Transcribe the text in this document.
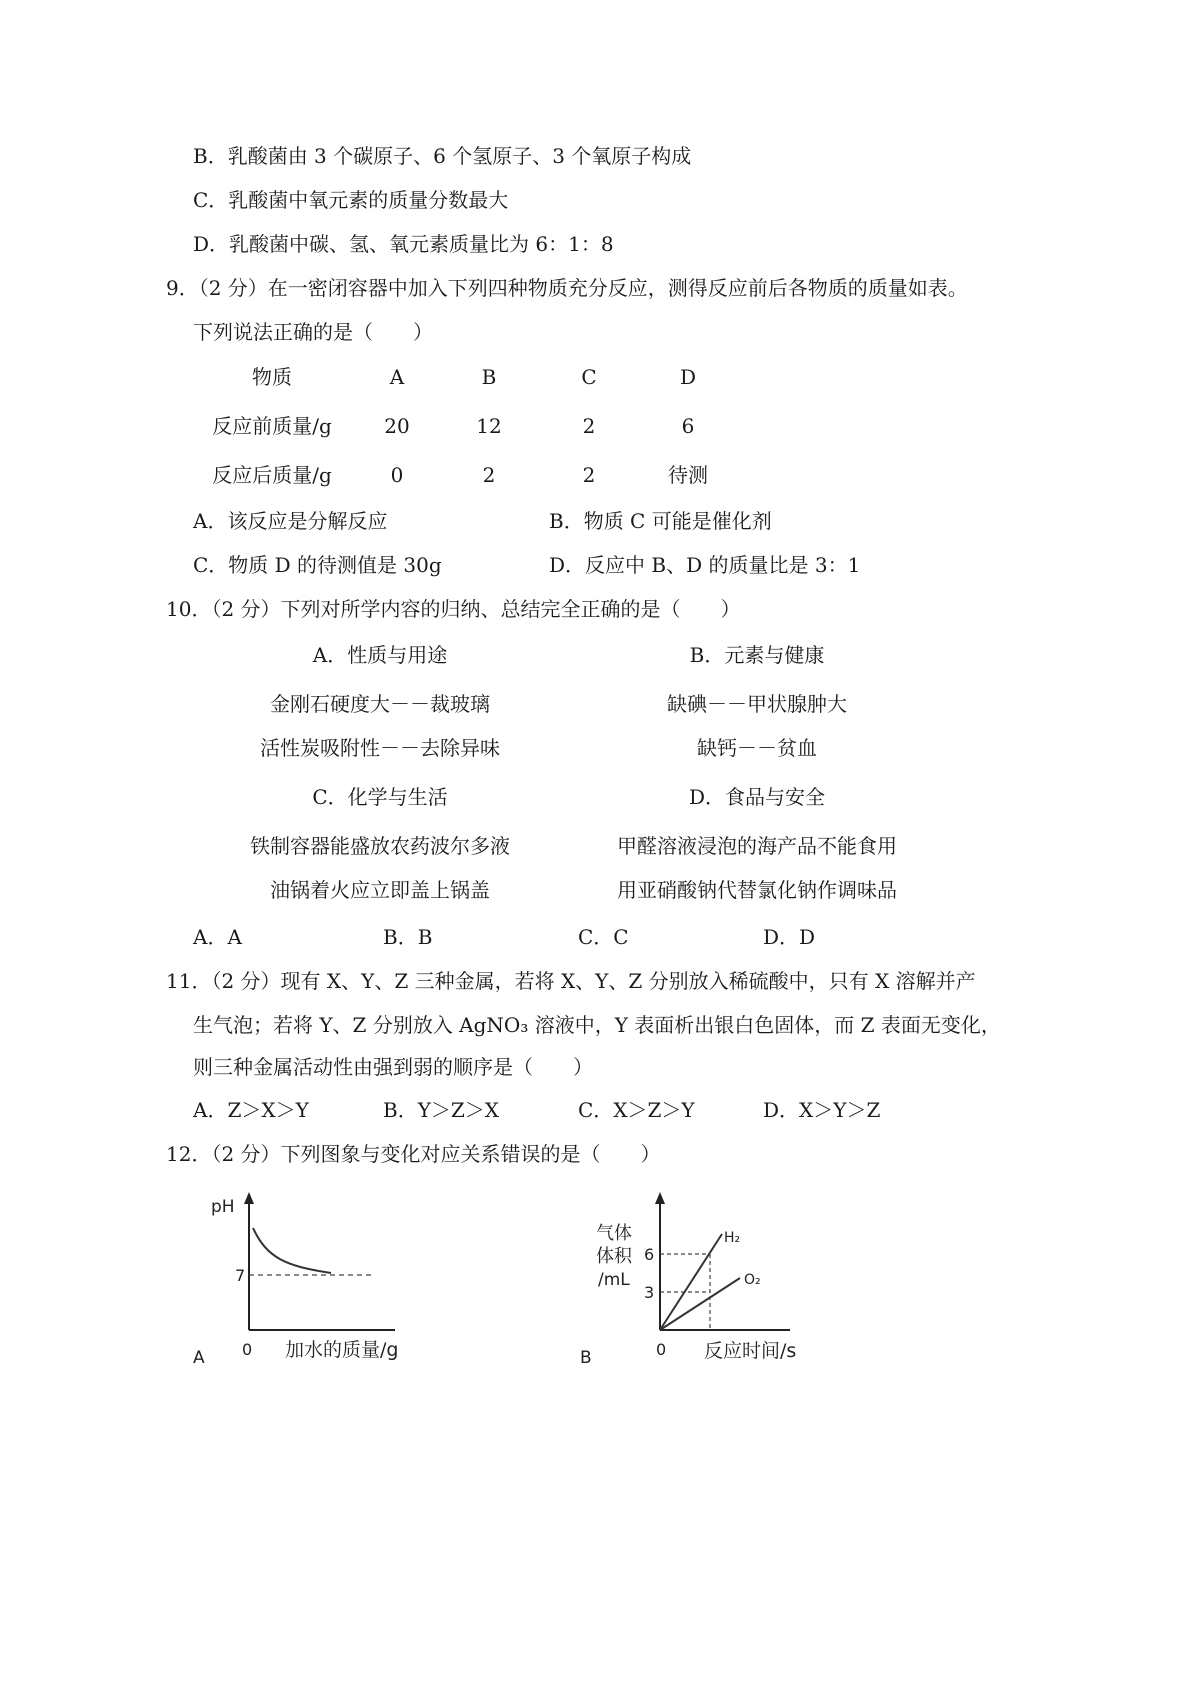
B．乳酸菌由 3 个碳原子、6 个氢原子、3 个氧原子构成
C．乳酸菌中氧元素的质量分数最大
D．乳酸菌中碳、氢、氧元素质量比为 6：1：8
9．（2 分）在一密闭容器中加入下列四种物质充分反应，测得反应前后各物质的质量如表。
下列说法正确的是（　　）
物质	A	B	C	D
反应前质量/g	20	12	2	6
反应后质量/g	0	2	2	待测
A．该反应是分解反应	B．物质 C 可能是催化剂
C．物质 D 的待测值是 30g	D．反应中 B、D 的质量比是 3：1
10．（2 分）下列对所学内容的归纳、总结完全正确的是（　　）
A．性质与用途
金刚石硬度大－－裁玻璃
活性炭吸附性－－去除异味
B．元素与健康
缺碘－－甲状腺肿大
缺钙－－贫血
C．化学与生活
铁制容器能盛放农药波尔多液
油锅着火应立即盖上锅盖
D．食品与安全
甲醛溶液浸泡的海产品不能食用
用亚硝酸钠代替氯化钠作调味品
A．A	B．B	C．C	D．D
11．（2 分）现有 X、Y、Z 三种金属，若将 X、Y、Z 分别放入稀硫酸中，只有 X 溶解并产
生气泡；若将 Y、Z 分别放入 AgNO₃ 溶液中，Y 表面析出银白色固体，而 Z 表面无变化，
则三种金属活动性由强到弱的顺序是（　　）
A．Z＞X＞Y	B．Y＞Z＞X	C．X＞Z＞Y	D．X＞Y＞Z
12．（2 分）下列图象与变化对应关系错误的是（　　）
pH
7
0 加水的质量/g
A
气体
体积
/mL
6
3
H₂
O₂
0 反应时间/s
B
